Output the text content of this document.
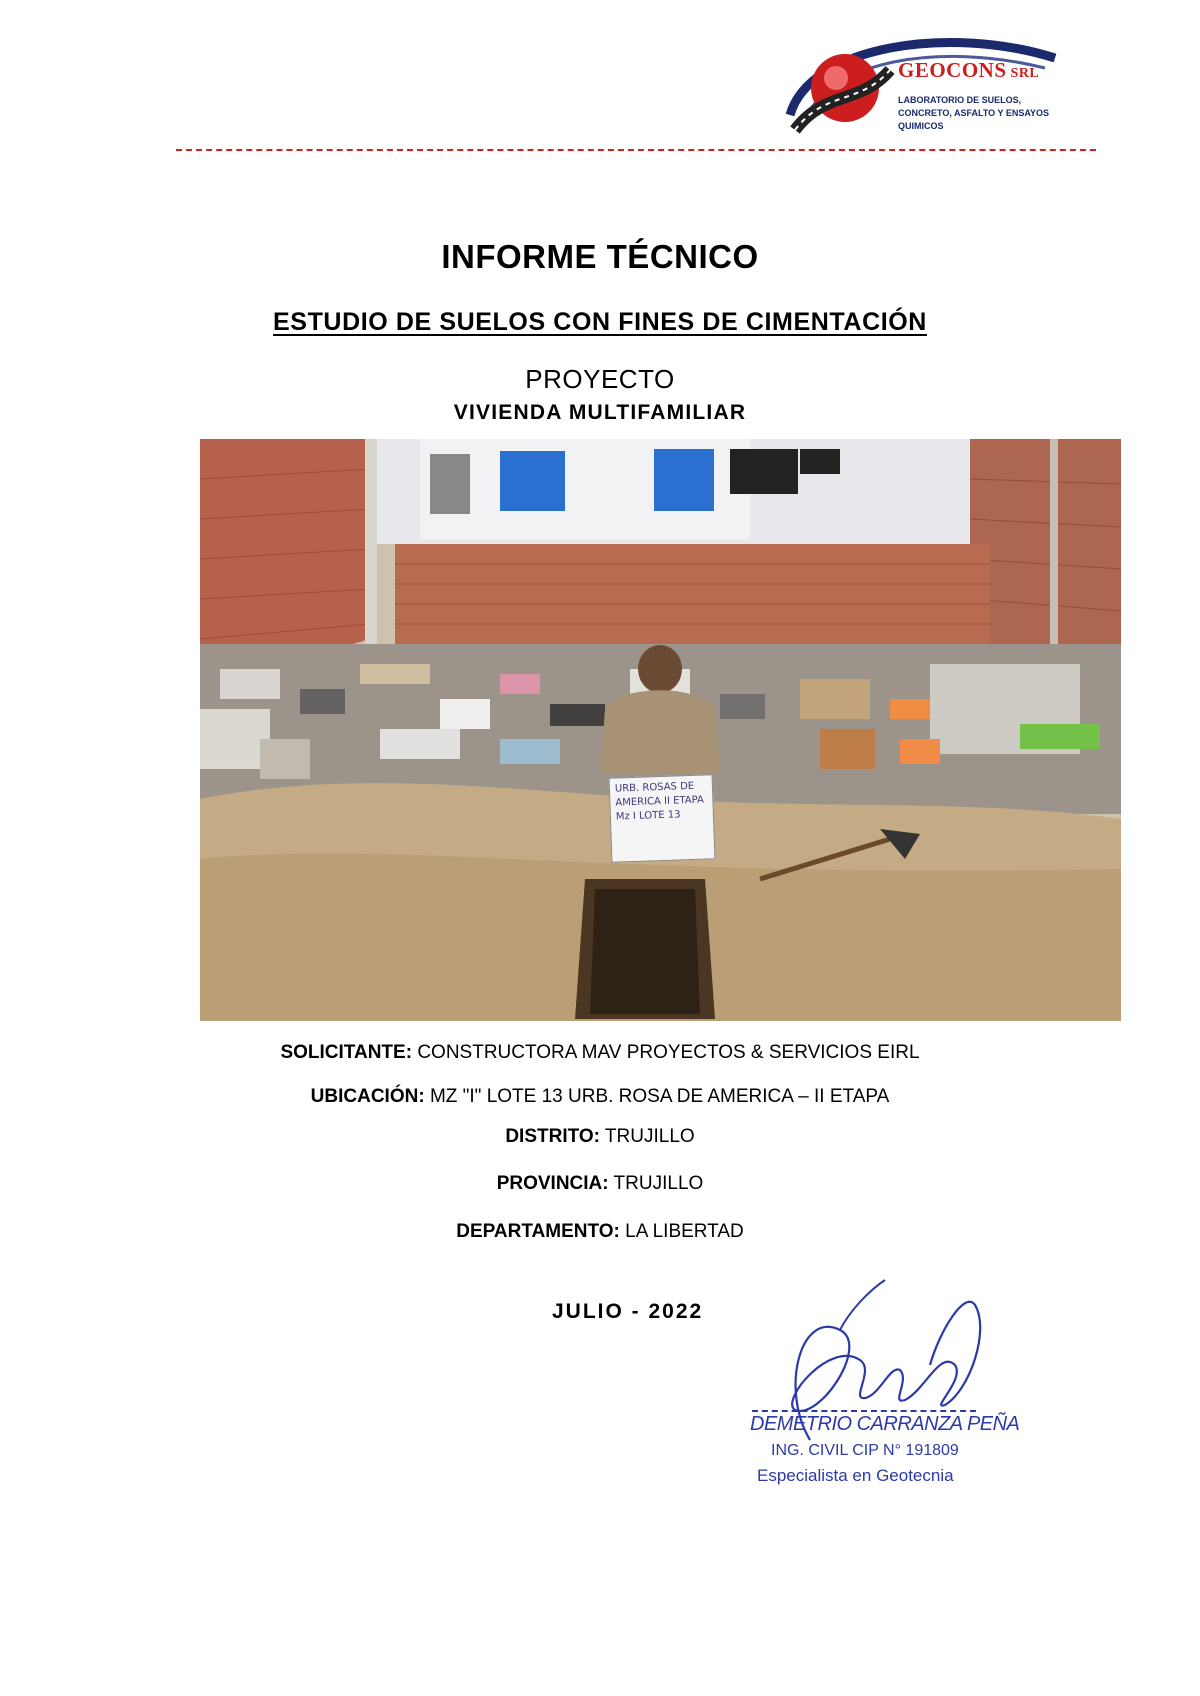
GEOCONS SRL
LABORATORIO DE SUELOS, CONCRETO, ASFALTO Y ENSAYOS QUIMICOS
INFORME TÉCNICO
ESTUDIO DE SUELOS CON FINES DE CIMENTACIÓN
PROYECTO
VIVIENDA MULTIFAMILIAR
URB. ROSAS DE
AMERICA II ETAPA
Mz I LOTE 13
SOLICITANTE: CONSTRUCTORA MAV PROYECTOS & SERVICIOS EIRL
UBICACIÓN: MZ "I" LOTE 13 URB. ROSA DE AMERICA – II ETAPA
DISTRITO: TRUJILLO
PROVINCIA: TRUJILLO
DEPARTAMENTO: LA LIBERTAD
JULIO - 2022
DEMETRIO CARRANZA PEÑA
ING. CIVIL CIP N° 191809
Especialista en Geotecnia
